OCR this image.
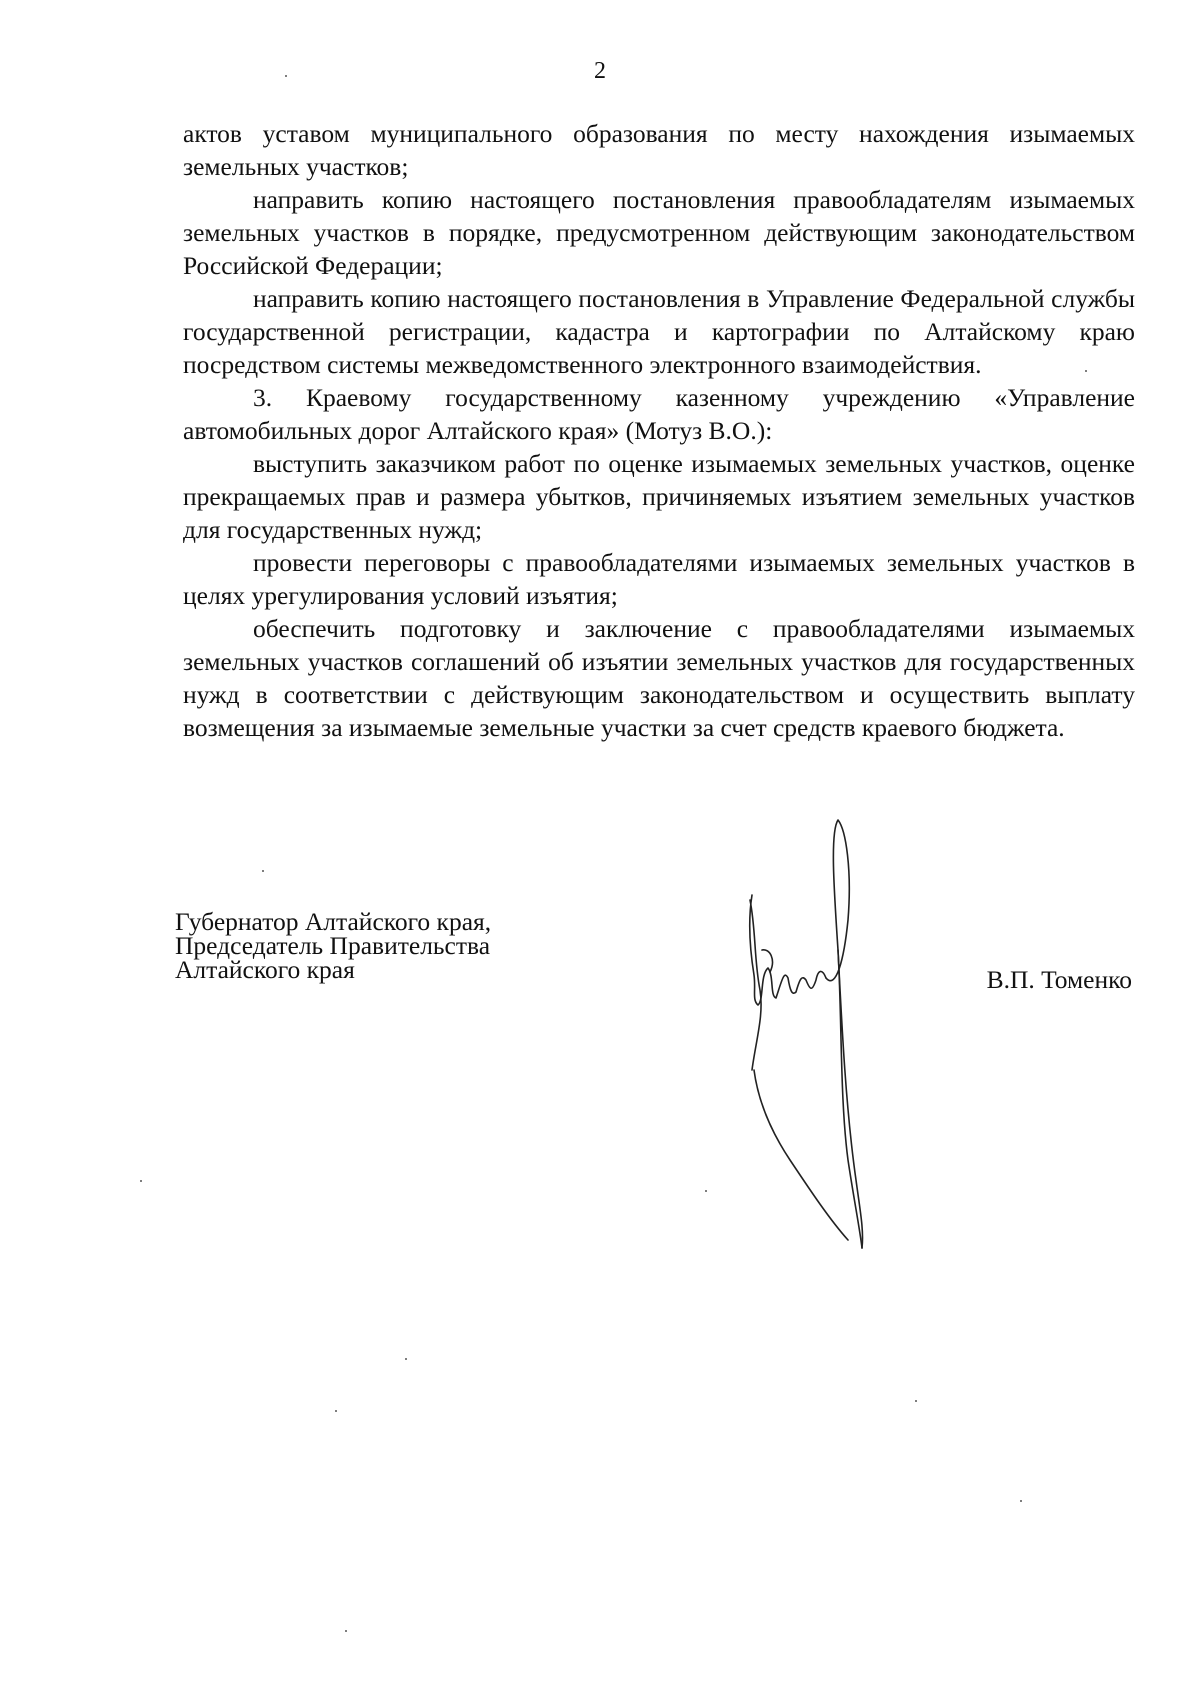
2

актов уставом муниципального образования по месту нахождения изымаемых земельных участков;

направить копию настоящего постановления правообладателям изымаемых земельных участков в порядке, предусмотренном действующим законодательством Российской Федерации;

направить копию настоящего постановления в Управление Федеральной службы государственной регистрации, кадастра и картографии по Алтайскому краю посредством системы межведомственного электронного взаимодействия.

3. Краевому государственному казенному учреждению «Управление автомобильных дорог Алтайского края» (Мотуз В.О.):

выступить заказчиком работ по оценке изымаемых земельных участков, оценке прекращаемых прав и размера убытков, причиняемых изъятием земельных участков для государственных нужд;

провести переговоры с правообладателями изымаемых земельных участков в целях урегулирования условий изъятия;

обеспечить подготовку и заключение с правообладателями изымаемых земельных участков соглашений об изъятии земельных участков для государственных нужд в соответствии с действующим законодательством и осуществить выплату возмещения за изымаемые земельные участки за счет средств краевого бюджета.

Губернатор Алтайского края,
Председатель Правительства
Алтайского края	В.П. Томенко
